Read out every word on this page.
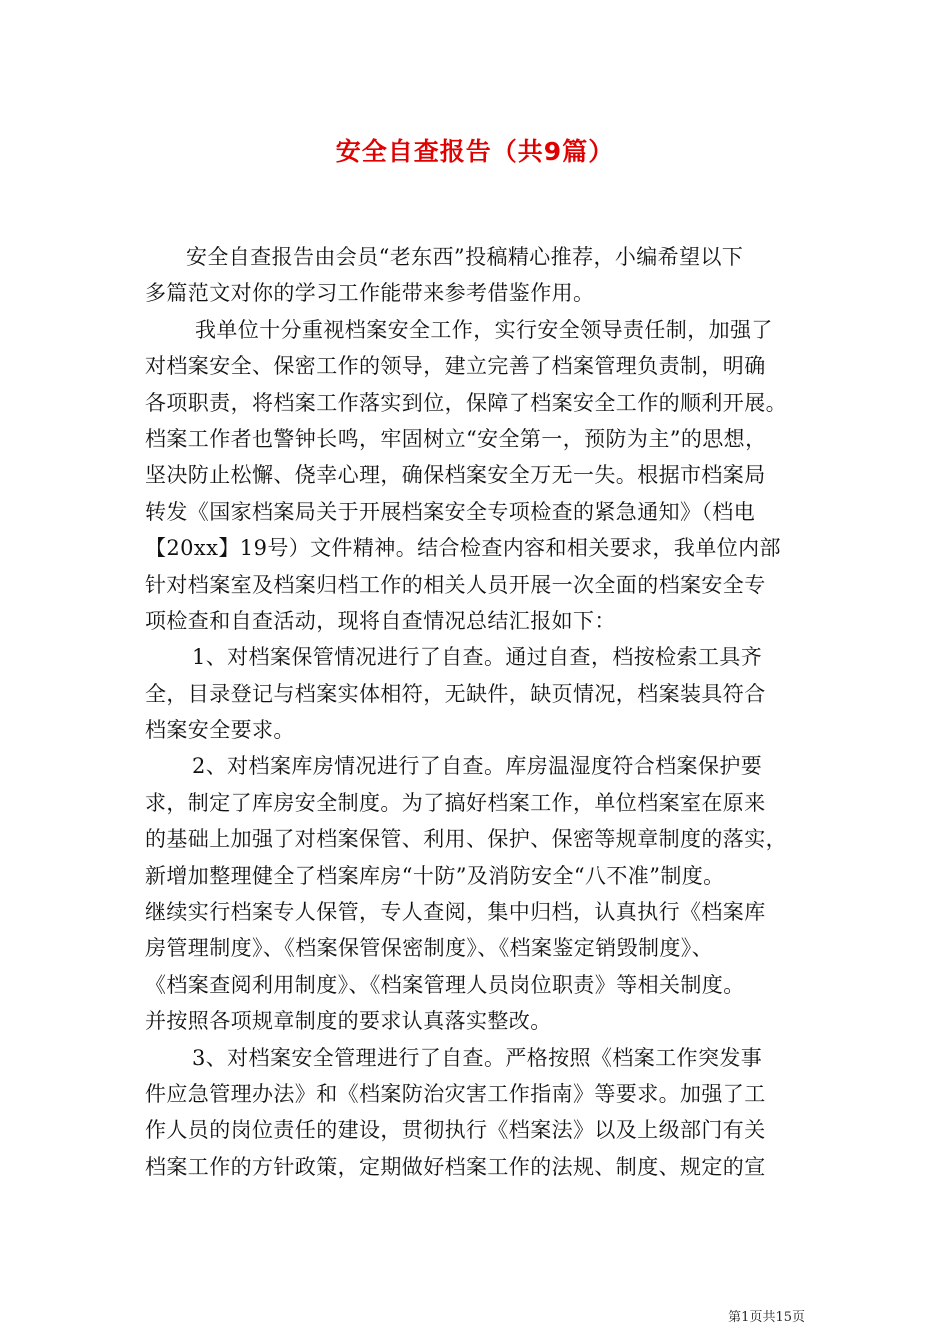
安全自查报告（共9篇）
安全自查报告由会员“老东西”投稿精心推荐，小编希望以下
多篇范文对你的学习工作能带来参考借鉴作用。
我单位十分重视档案安全工作，实行安全领导责任制，加强了
对档案安全、保密工作的领导，建立完善了档案管理负责制，明确
各项职责，将档案工作落实到位，保障了档案安全工作的顺利开展。
档案工作者也警钟长鸣，牢固树立“安全第一，预防为主”的思想，
坚决防止松懈、侥幸心理，确保档案安全万无一失。根据市档案局
转发《国家档案局关于开展档案安全专项检查的紧急通知》（档电
【20xx】19号）文件精神。结合检查内容和相关要求，我单位内部
针对档案室及档案归档工作的相关人员开展一次全面的档案安全专
项检查和自查活动，现将自查情况总结汇报如下：
1、对档案保管情况进行了自查。通过自查，档按检索工具齐
全，目录登记与档案实体相符，无缺件，缺页情况，档案装具符合
档案安全要求。
2、对档案库房情况进行了自查。库房温湿度符合档案保护要
求，制定了库房安全制度。为了搞好档案工作，单位档案室在原来
的基础上加强了对档案保管、利用、保护、保密等规章制度的落实，
新增加整理健全了档案库房“十防”及消防安全“八不准”制度。
继续实行档案专人保管，专人查阅，集中归档，认真执行《档案库
房管理制度》、《档案保管保密制度》、《档案鉴定销毁制度》、
《档案查阅利用制度》、《档案管理人员岗位职责》等相关制度。
并按照各项规章制度的要求认真落实整改。
3、对档案安全管理进行了自查。严格按照《档案工作突发事
件应急管理办法》和《档案防治灾害工作指南》等要求。加强了工
作人员的岗位责任的建设，贯彻执行《档案法》以及上级部门有关
档案工作的方针政策，定期做好档案工作的法规、制度、规定的宣
第1页共15页
